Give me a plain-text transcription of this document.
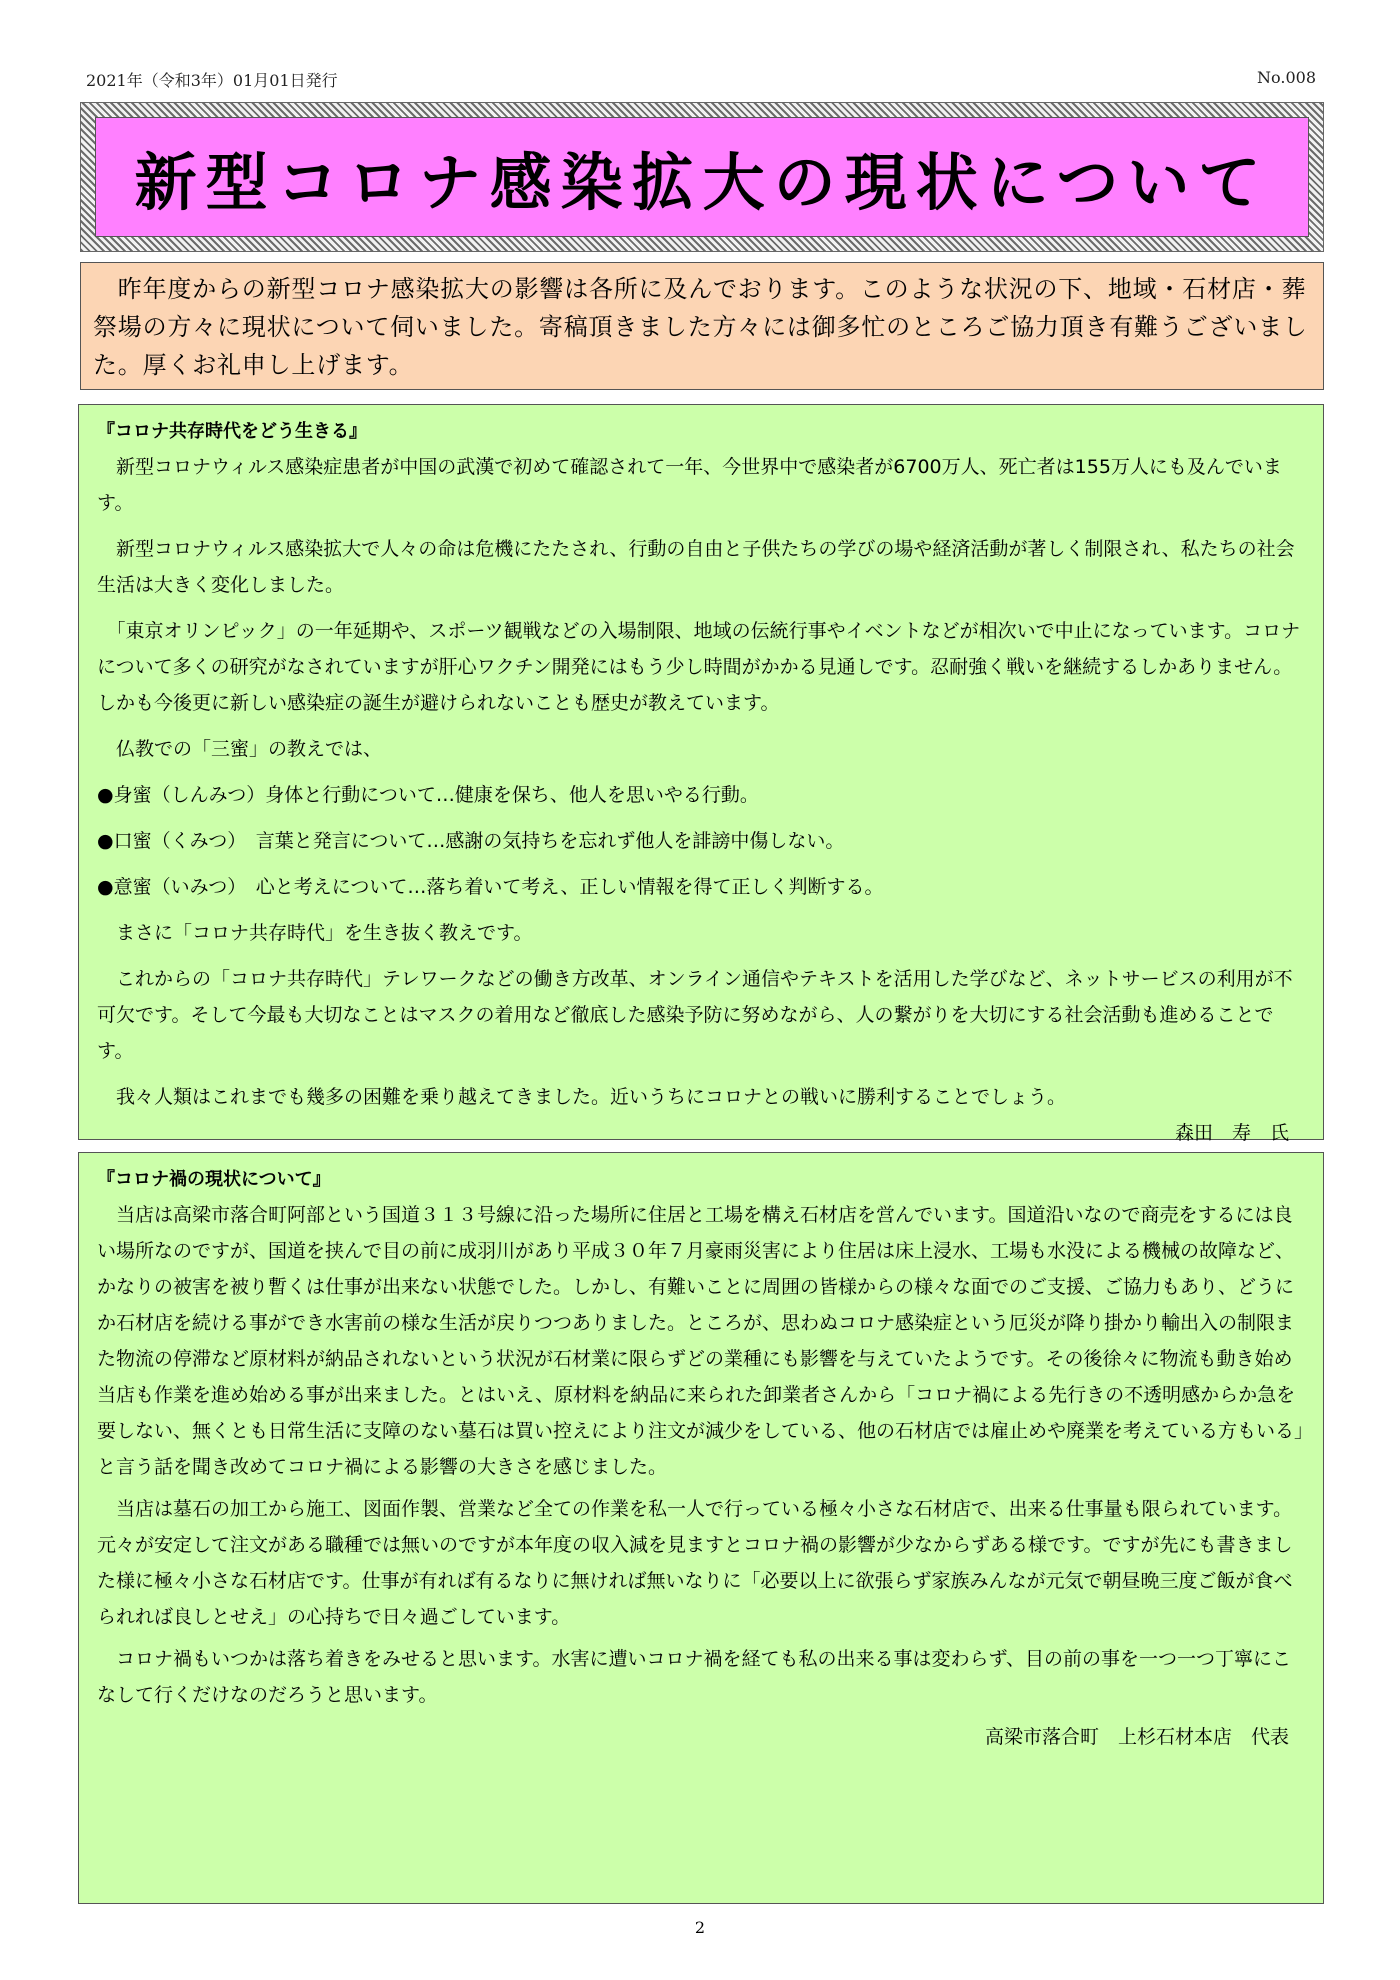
2021年（令和3年）01月01日発行	No.008
新型コロナ感染拡大の現状について

　昨年度からの新型コロナ感染拡大の影響は各所に及んでおります。このような状況の下、地域・石材店・葬祭場の方々に現状について伺いました。寄稿頂きました方々には御多忙のところご協力頂き有難うございました。厚くお礼申し上げます。

『コロナ共存時代をどう生きる』

　新型コロナウィルス感染症患者が中国の武漢で初めて確認されて一年、今世界中で感染者が6700万人、死亡者は155万人にも及んでいます。

　新型コロナウィルス感染拡大で人々の命は危機にたたされ、行動の自由と子供たちの学びの場や経済活動が著しく制限され、私たちの社会生活は大きく変化しました。

　「東京オリンピック」の一年延期や、スポーツ観戦などの入場制限、地域の伝統行事やイベントなどが相次いで中止になっています。コロナについて多くの研究がなされていますが肝心ワクチン開発にはもう少し時間がかかる見通しです。忍耐強く戦いを継続するしかありません。しかも今後更に新しい感染症の誕生が避けられないことも歴史が教えています。

　仏教での「三蜜」の教えでは、

●身蜜（しんみつ）身体と行動について…健康を保ち、他人を思いやる行動。

●口蜜（くみつ）　言葉と発言について…感謝の気持ちを忘れず他人を誹謗中傷しない。

●意蜜（いみつ）　心と考えについて…落ち着いて考え、正しい情報を得て正しく判断する。

　まさに「コロナ共存時代」を生き抜く教えです。

　これからの「コロナ共存時代」テレワークなどの働き方改革、オンライン通信やテキストを活用した学びなど、ネットサービスの利用が不可欠です。そして今最も大切なことはマスクの着用など徹底した感染予防に努めながら、人の繋がりを大切にする社会活動も進めることです。

　我々人類はこれまでも幾多の困難を乗り越えてきました。近いうちにコロナとの戦いに勝利することでしょう。

森田　寿　氏

『コロナ禍の現状について』

　当店は高梁市落合町阿部という国道３１３号線に沿った場所に住居と工場を構え石材店を営んでいます。国道沿いなので商売をするには良い場所なのですが、国道を挟んで目の前に成羽川があり平成３０年７月豪雨災害により住居は床上浸水、工場も水没による機械の故障など、かなりの被害を被り暫くは仕事が出来ない状態でした。しかし、有難いことに周囲の皆様からの様々な面でのご支援、ご協力もあり、どうにか石材店を続ける事ができ水害前の様な生活が戻りつつありました。ところが、思わぬコロナ感染症という厄災が降り掛かり輸出入の制限また物流の停滞など原材料が納品されないという状況が石材業に限らずどの業種にも影響を与えていたようです。その後徐々に物流も動き始め当店も作業を進め始める事が出来ました。とはいえ、原材料を納品に来られた卸業者さんから「コロナ禍による先行きの不透明感からか急を要しない、無くとも日常生活に支障のない墓石は買い控えにより注文が減少をしている、他の石材店では雇止めや廃業を考えている方もいる」と言う話を聞き改めてコロナ禍による影響の大きさを感じました。

　当店は墓石の加工から施工、図面作製、営業など全ての作業を私一人で行っている極々小さな石材店で、出来る仕事量も限られています。元々が安定して注文がある職種では無いのですが本年度の収入減を見ますとコロナ禍の影響が少なからずある様です。ですが先にも書きました様に極々小さな石材店です。仕事が有れば有るなりに無ければ無いなりに「必要以上に欲張らず家族みんなが元気で朝昼晩三度ご飯が食べられれば良しとせえ」の心持ちで日々過ごしています。

　コロナ禍もいつかは落ち着きをみせると思います。水害に遭いコロナ禍を経ても私の出来る事は変わらず、目の前の事を一つ一つ丁寧にこなして行くだけなのだろうと思います。

高梁市落合町　上杉石材本店　代表

2
